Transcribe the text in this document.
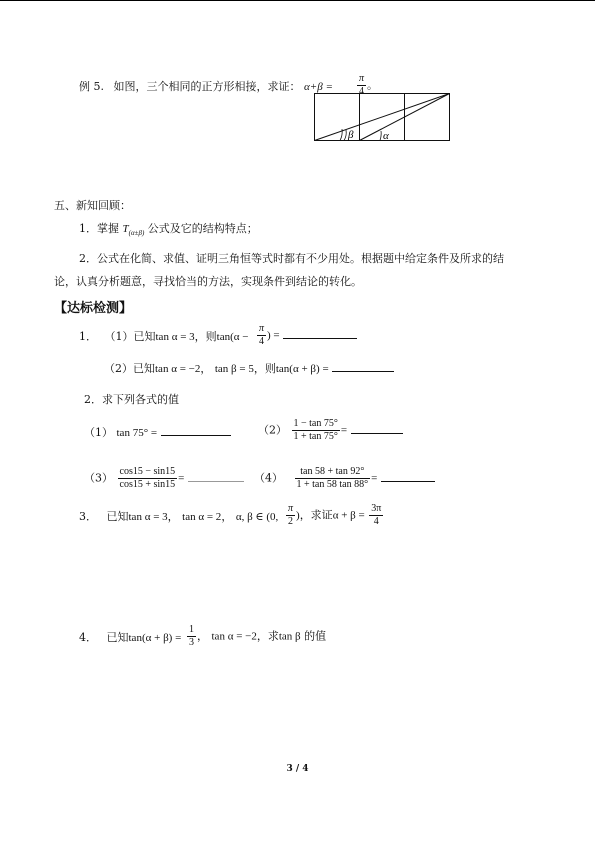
例 5. 如图，三个相同的正方形相接，求证： $\alpha+\beta = \frac{\pi}{4}$ 。
β	α
五、新知回顾：
1．掌握 $T_{(\alpha\pm\beta)}$ 公式及它的结构特点；
2．公式在化简、求值、证明三角恒等式时都有不少用处。根据题中给定条件及所求的结
论，认真分析题意，寻找恰当的方法，实现条件到结论的转化。
【达标检测】
1． （1）已知tan α = 3，则$\tan(\alpha - \frac{\pi}{4}$ ) =
（2）已知tan α = −2， tan β = 5，则tan(α + β) =
2．求下列各式的值
（1） tan 75° =	$(2) \frac{1 - \tan 75^\circ}{1 + \tan 75^\circ}$ =
$(3) \frac{\cos 15 - \sin 15}{\cos 15 + \sin 15}$ =	$(4) \frac{\tan 58 + \tan 92^\circ}{1 + \tan 58 \tan 88^\circ}$ =
3． 已知tan α = 3， tan α = 2， α, β ∈ (0, $\frac{\pi}{2}$ )，求证$\alpha + \beta = \frac{3\pi}{4}$
4． 已知$\tan(\alpha + \beta) = \frac{1}{3}$ ， tan α = −2，求tan β 的值
3 / 4
